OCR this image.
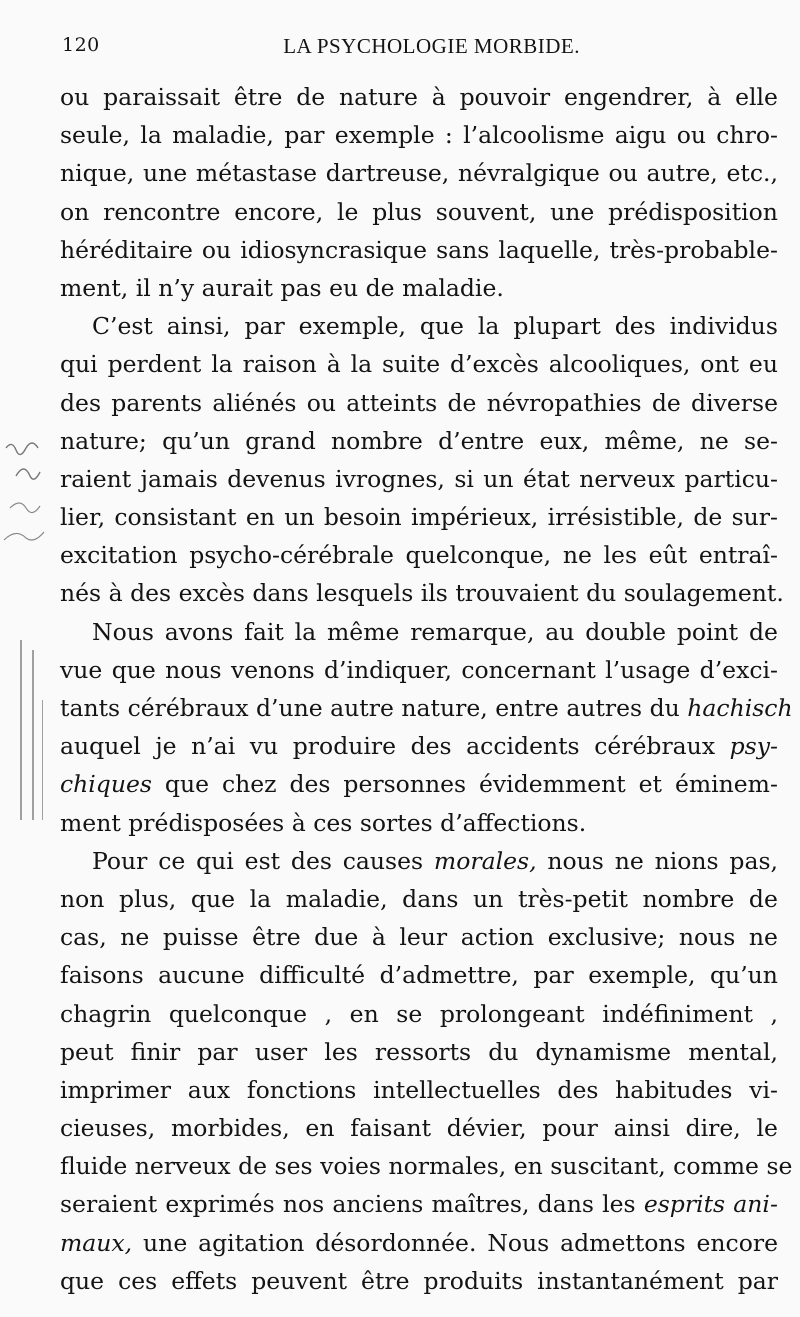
120	LA PSYCHOLOGIE MORBIDE.
ou paraissait être de nature à pouvoir engendrer, à elle
seule, la maladie, par exemple : l’alcoolisme aigu ou chro-
nique, une métastase dartreuse, névralgique ou autre, etc.,
on rencontre encore, le plus souvent, une prédisposition
héréditaire ou idiosyncrasique sans laquelle, très-probable-
ment, il n’y aurait pas eu de maladie.
C’est ainsi, par exemple, que la plupart des individus
qui perdent la raison à la suite d’excès alcooliques, ont eu
des parents aliénés ou atteints de névropathies de diverse
nature; qu’un grand nombre d’entre eux, même, ne se-
raient jamais devenus ivrognes, si un état nerveux particu-
lier, consistant en un besoin impérieux, irrésistible, de sur-
excitation psycho-cérébrale quelconque, ne les eût entraî-
nés à des excès dans lesquels ils trouvaient du soulagement.
Nous avons fait la même remarque, au double point de
vue que nous venons d’indiquer, concernant l’usage d’exci-
tants cérébraux d’une autre nature, entre autres du hachisch
auquel je n’ai vu produire des accidents cérébraux psy-
chiques que chez des personnes évidemment et éminem-
ment prédisposées à ces sortes d’affections.
Pour ce qui est des causes morales, nous ne nions pas,
non plus, que la maladie, dans un très-petit nombre de
cas, ne puisse être due à leur action exclusive; nous ne
faisons aucune difficulté d’admettre, par exemple, qu’un
chagrin quelconque , en se prolongeant indéfiniment ,
peut finir par user les ressorts du dynamisme mental,
imprimer aux fonctions intellectuelles des habitudes vi-
cieuses, morbides, en faisant dévier, pour ainsi dire, le
fluide nerveux de ses voies normales, en suscitant, comme se
seraient exprimés nos anciens maîtres, dans les esprits ani-
maux, une agitation désordonnée. Nous admettons encore
que ces effets peuvent être produits instantanément par
